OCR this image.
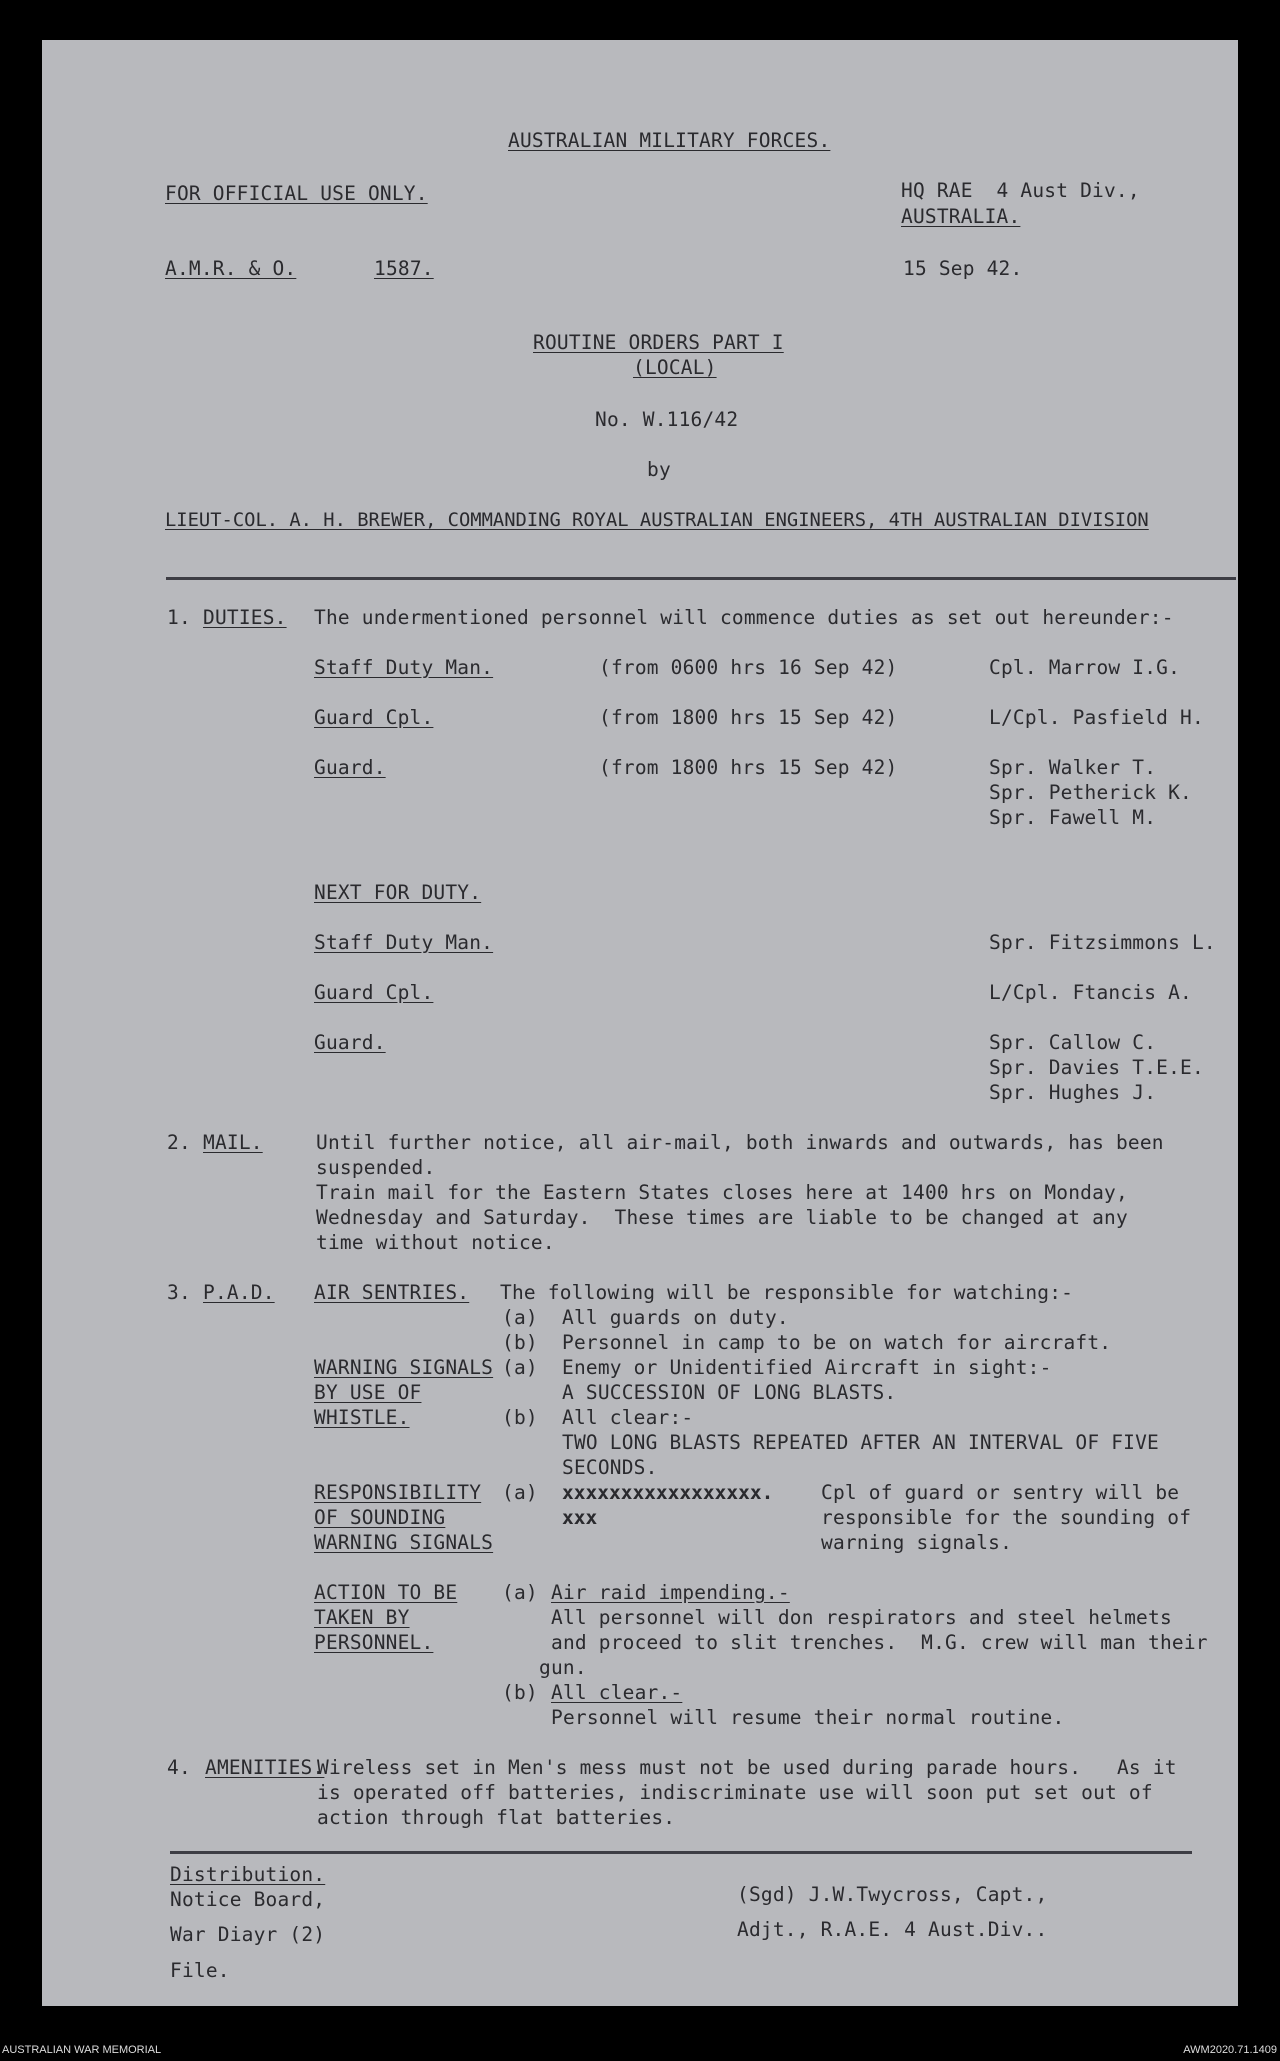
AUSTRALIAN MILITARY FORCES.
FOR OFFICIAL USE ONLY.	HQ RAE  4 Aust Div.,
AUSTRALIA.
A.M.R. & O.	1587.	15 Sep 42.
ROUTINE ORDERS PART I
(LOCAL)
No. W.116/42
by
LIEUT-COL. A. H. BREWER, COMMANDING ROYAL AUSTRALIAN ENGINEERS, 4TH AUSTRALIAN DIVISION
1. DUTIES. The undermentioned personnel will commence duties as set out hereunder:-
Staff Duty Man.	(from 0600 hrs 16 Sep 42)	Cpl. Marrow I.G.
Guard Cpl.	(from 1800 hrs 15 Sep 42)	L/Cpl. Pasfield H.
Guard.	(from 1800 hrs 15 Sep 42)	Spr. Walker T.
Spr. Petherick K.
Spr. Fawell M.
NEXT FOR DUTY.
Staff Duty Man.	Spr. Fitzsimmons L.
Guard Cpl.	L/Cpl. Ftancis A.
Guard.	Spr. Callow C.
Spr. Davies T.E.E.
Spr. Hughes J.
2. MAIL.	Until further notice, all air-mail, both inwards and outwards, has been
suspended.
Train mail for the Eastern States closes here at 1400 hrs on Monday,
Wednesday and Saturday.  These times are liable to be changed at any
time without notice.
3. P.A.D. AIR SENTRIES. The following will be responsible for watching:-
(a) All guards on duty.
(b) Personnel in camp to be on watch for aircraft.
WARNING SIGNALS
BY USE OF
WHISTLE.
(a) Enemy or Unidentified Aircraft in sight:-
A SUCCESSION OF LONG BLASTS.
(b) All clear:-
TWO LONG BLASTS REPEATED AFTER AN INTERVAL OF FIVE
SECONDS.
RESPONSIBILITY
OF SOUNDING
WARNING SIGNALS
(a) xxxxxxxxxxxxxxxxx.
xxx
Cpl of guard or sentry will be
responsible for the sounding of
warning signals.
ACTION TO BE
TAKEN BY
PERSONNEL.
(a) Air raid impending.-
All personnel will don respirators and steel helmets
and proceed to slit trenches.  M.G. crew will man their
gun.
(b) All clear.-
Personnel will resume their normal routine.
4. AMENITIES.
Wireless set in Men's mess must not be used during parade hours.   As it
is operated off batteries, indiscriminate use will soon put set out of
action through flat batteries.
Distribution.
Notice Board,
War Diayr (2)
File.
(Sgd) J.W.Twycross, Capt.,
Adjt., R.A.E. 4 Aust.Div..
AUSTRALIAN WAR MEMORIAL	AWM2020.71.1409
